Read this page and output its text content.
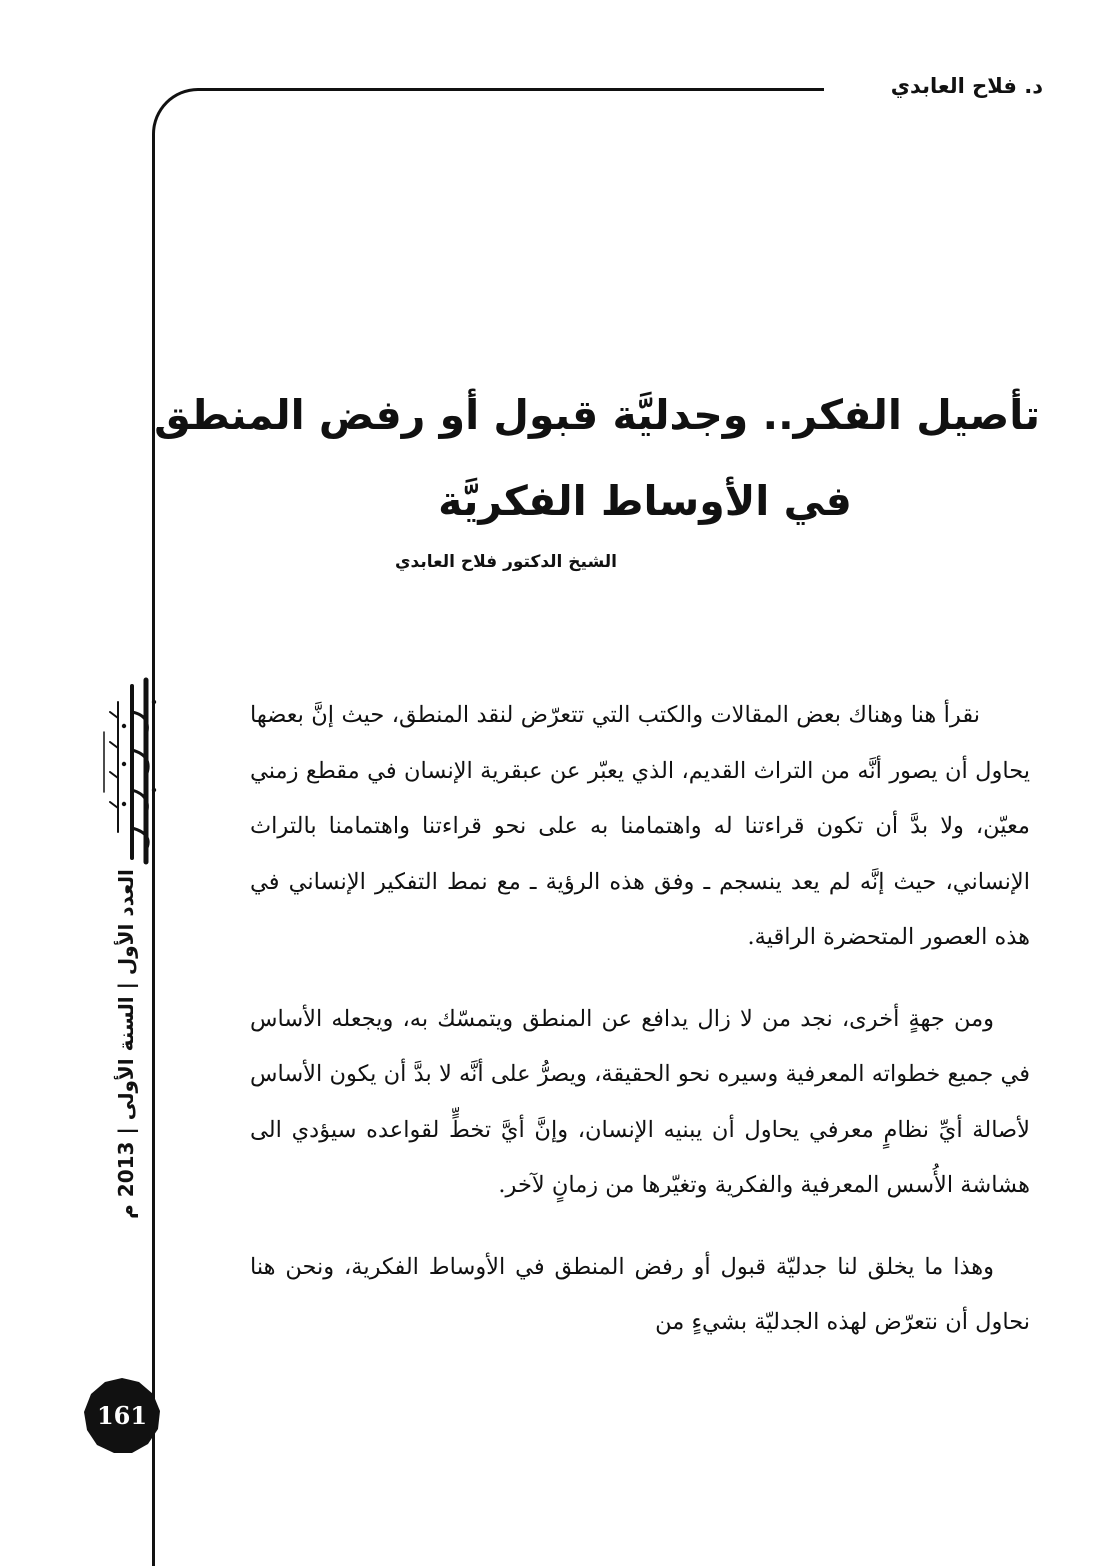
د. فلاح العابدي
تأصيل الفكر.. وجدليَّة قبول أو رفض المنطق
في الأوساط الفكريَّة
الشيخ الدكتور فلاح العابدي

نقرأ هنا وهناك بعض المقالات والكتب التي تتعرّض لنقد المنطق، حيث إنَّ بعضها يحاول أن يصور أنَّه من التراث القديم، الذي يعبّر عن عبقرية الإنسان في مقطع زمني معيّن، ولا بدَّ أن تكون قراءتنا له واهتمامنا به على نحو قراءتنا واهتمامنا بالتراث الإنساني، حيث إنَّه لم يعد ينسجم ـ وفق هذه الرؤية ـ مع نمط التفكير الإنساني في هذه العصور المتحضرة الراقية.

ومن جهةٍ أخرى، نجد من لا زال يدافع عن المنطق ويتمسّك به، ويجعله الأساس في جميع خطواته المعرفية وسيره نحو الحقيقة، ويصرُّ على أنَّه لا بدَّ أن يكون الأساس لأصالة أيِّ نظامٍ معرفي يحاول أن يبنيه الإنسان، وإنَّ أيَّ تخطٍّ لقواعده سيؤدي الى هشاشة الأُسس المعرفية والفكرية وتغيّرها من زمانٍ لآخر.

وهذا ما يخلق لنا جدليّة قبول أو رفض المنطق في الأوساط الفكرية، ونحن هنا نحاول أن نتعرّض لهذه الجدليّة بشيءٍ من

العدد الأول | السنة الأولى | 2013 م
161
